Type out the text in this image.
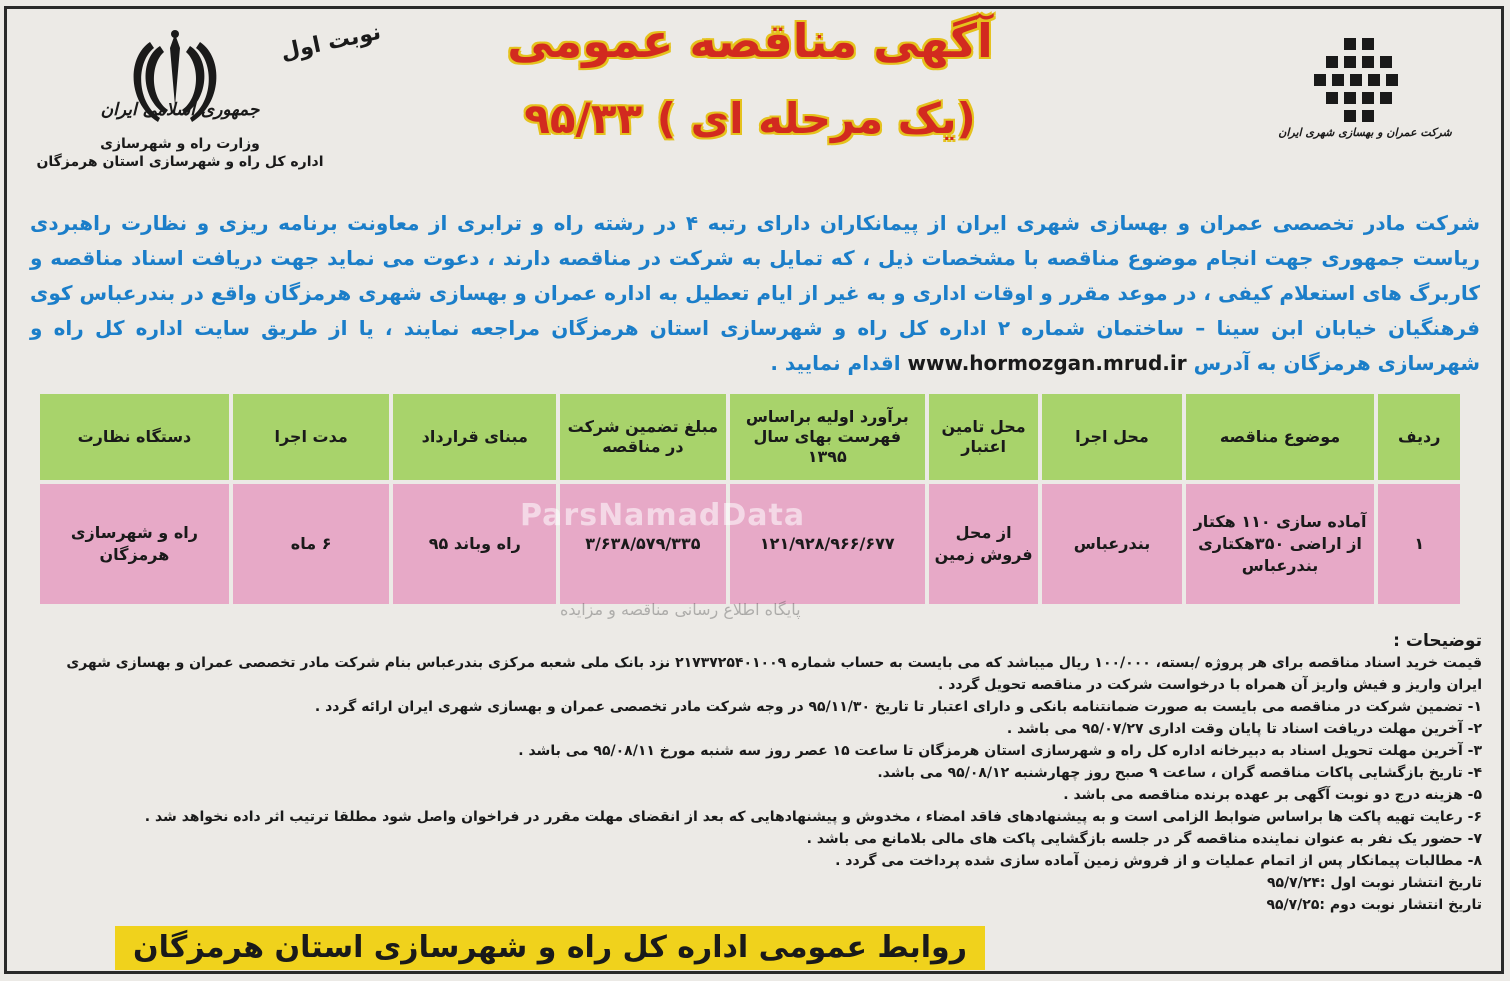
جمهوری اسلامی ایران
وزارت راه و شهرسازی
اداره کل راه و شهرسازی استان هرمزگان
نوبت اول	آگهی مناقصه عمومی
(یک مرحله ای ) ۹۵/۳۳	شرکت عمران و بهسازی شهری ایران
شرکت مادر تخصصی عمران و بهسازی شهری ایران از پیمانکاران دارای رتبه ۴ در رشته راه و ترابری از معاونت برنامه ریزی و نظارت راهبردی ریاست جمهوری جهت انجام موضوع مناقصه با مشخصات ذیل ، که تمایل به شرکت در مناقصه دارند ، دعوت می نماید جهت دریافت اسناد مناقصه و کاربرگ های استعلام کیفی ، در موعد مقرر و اوقات اداری و به غیر از ایام تعطیل به اداره عمران و بهسازی شهری هرمزگان واقع در بندرعباس کوی فرهنگیان خیابان ابن سینا – ساختمان شماره ۲ اداره کل راه و شهرسازی استان هرمزگان مراجعه نمایند ، یا از طریق سایت اداره کل راه و شهرسازی هرمزگان به آدرس www.hormozgan.mrud.ir اقدام نمایید .
ردیف	موضوع مناقصه	محل اجرا	محل تامین اعتبار	برآورد اولیه براساس فهرست بهای سال ۱۳۹۵	مبلغ تضمین شرکت در مناقصه	مبنای قرارداد	مدت اجرا	دستگاه نظارت
۱	آماده سازی ۱۱۰ هکتار از اراضی ۳۵۰هکتاری بندرعباس	بندرعباس	از محل فروش زمین	۱۲۱/۹۲۸/۹۶۶/۶۷۷	۳/۶۳۸/۵۷۹/۳۳۵	راه وباند ۹۵	۶ ماه	راه و شهرسازی هرمزگان
ParsNamadData
پایگاه اطلاع رسانی مناقصه و مزایده

توضیحات :

قیمت خرید اسناد مناقصه برای هر پروژه /بسته، ۱۰۰/۰۰۰ ریال میباشد که می بایست به حساب شماره ۲۱۷۳۷۲۵۴۰۱۰۰۹ نزد بانک ملی شعبه مرکزی بندرعباس بنام شرکت مادر تخصصی عمران و بهسازی شهری ایران واریز و فیش واریز آن همراه با درخواست شرکت در مناقصه تحویل گردد .

۱- تضمین شرکت در مناقصه می بایست به صورت ضمانتنامه بانکی و دارای اعتبار تا تاریخ ۹۵/۱۱/۳۰ در وجه شرکت مادر تخصصی عمران و بهسازی شهری ایران ارائه گردد .

۲- آخرین مهلت دریافت اسناد تا پایان وقت اداری ۹۵/۰۷/۲۷ می باشد .

۳- آخرین مهلت تحویل اسناد به دبیرخانه اداره کل راه و شهرسازی استان هرمزگان تا ساعت ۱۵ عصر روز سه شنبه مورخ ۹۵/۰۸/۱۱ می باشد .

۴- تاریخ بازگشایی پاکات مناقصه گران ، ساعت ۹ صبح روز چهارشنبه ۹۵/۰۸/۱۲ می باشد.

۵- هزینه درج دو نوبت آگهی بر عهده برنده مناقصه می باشد .

۶- رعایت تهیه پاکت ها براساس ضوابط الزامی است و به پیشنهادهای فاقد امضاء ، مخدوش و پیشنهادهایی که بعد از انقضای مهلت مقرر در فراخوان واصل شود مطلقا ترتیب اثر داده نخواهد شد .

۷- حضور یک نفر به عنوان نماینده مناقصه گر در جلسه بازگشایی پاکت های مالی بلامانع می باشد .

۸- مطالبات پیمانکار پس از اتمام عملیات و از فروش زمین آماده سازی شده پرداخت می گردد .

تاریخ انتشار نوبت اول :۹۵/۷/۲۴

تاریخ انتشار نوبت دوم :۹۵/۷/۲۵

روابط عمومی اداره کل راه و شهرسازی استان هرمزگان
